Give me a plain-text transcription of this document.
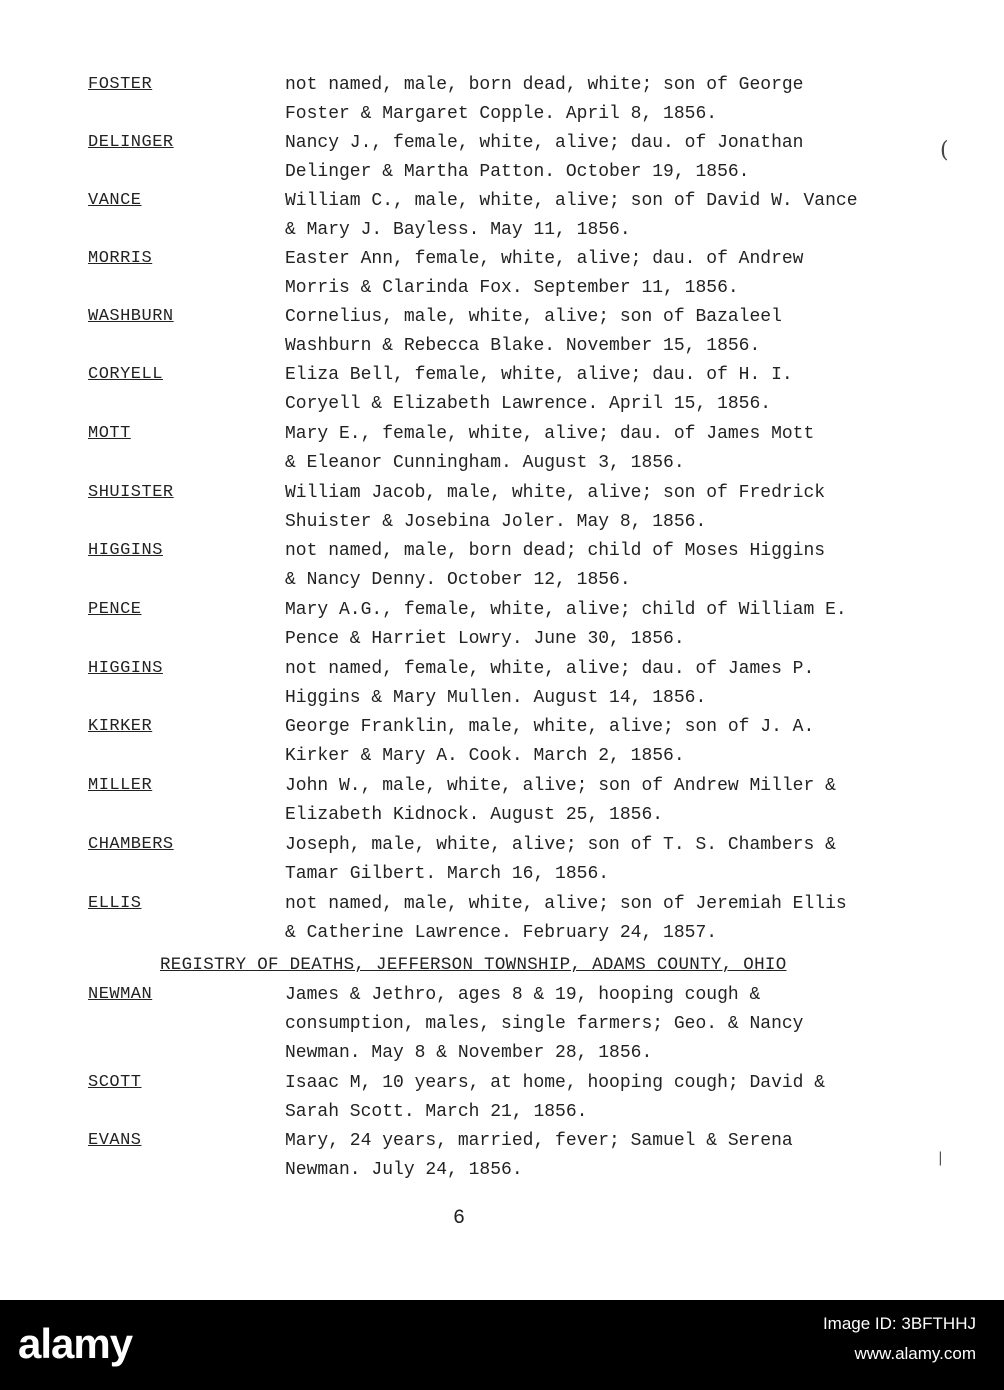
FOSTER	not named, male, born dead, white; son of George
Foster & Margaret Copple. April 8, 1856.
DELINGER	Nancy J., female, white, alive; dau. of Jonathan
Delinger & Martha Patton. October 19, 1856.
VANCE	William C., male, white, alive; son of David W. Vance
& Mary J. Bayless. May 11, 1856.
MORRIS	Easter Ann, female, white, alive; dau. of Andrew
Morris & Clarinda Fox. September 11, 1856.
WASHBURN	Cornelius, male, white, alive; son of Bazaleel
Washburn & Rebecca Blake. November 15, 1856.
CORYELL	Eliza Bell, female, white, alive; dau. of H. I.
Coryell & Elizabeth Lawrence. April 15, 1856.
MOTT	Mary E., female, white, alive; dau. of James Mott
& Eleanor Cunningham. August 3, 1856.
SHUISTER	William Jacob, male, white, alive; son of Fredrick
Shuister & Josebina Joler. May 8, 1856.
HIGGINS	not named, male, born dead; child of Moses Higgins
& Nancy Denny. October 12, 1856.
PENCE	Mary A.G., female, white, alive; child of William E.
Pence & Harriet Lowry. June 30, 1856.
HIGGINS	not named, female, white, alive; dau. of James P.
Higgins & Mary Mullen. August 14, 1856.
KIRKER	George Franklin, male, white, alive; son of J. A.
Kirker & Mary A. Cook. March 2, 1856.
MILLER	John W., male, white, alive; son of Andrew Miller &
Elizabeth Kidnock. August 25, 1856.
CHAMBERS	Joseph, male, white, alive; son of T. S. Chambers &
Tamar Gilbert. March 16, 1856.
ELLIS	not named, male, white, alive; son of Jeremiah Ellis
& Catherine Lawrence. February 24, 1857.
REGISTRY OF DEATHS, JEFFERSON TOWNSHIP, ADAMS COUNTY, OHIO
NEWMAN	James & Jethro, ages 8 & 19, hooping cough &
consumption, males, single farmers; Geo. & Nancy
Newman. May 8 & November 28, 1856.
SCOTT	Isaac M, 10 years, at home, hooping cough; David &
Sarah Scott. March 21, 1856.
EVANS	Mary, 24 years, married, fever; Samuel & Serena
Newman. July 24, 1856.
(
|
6
alamy	Image ID: 3BFTHHJ
www.alamy.com
